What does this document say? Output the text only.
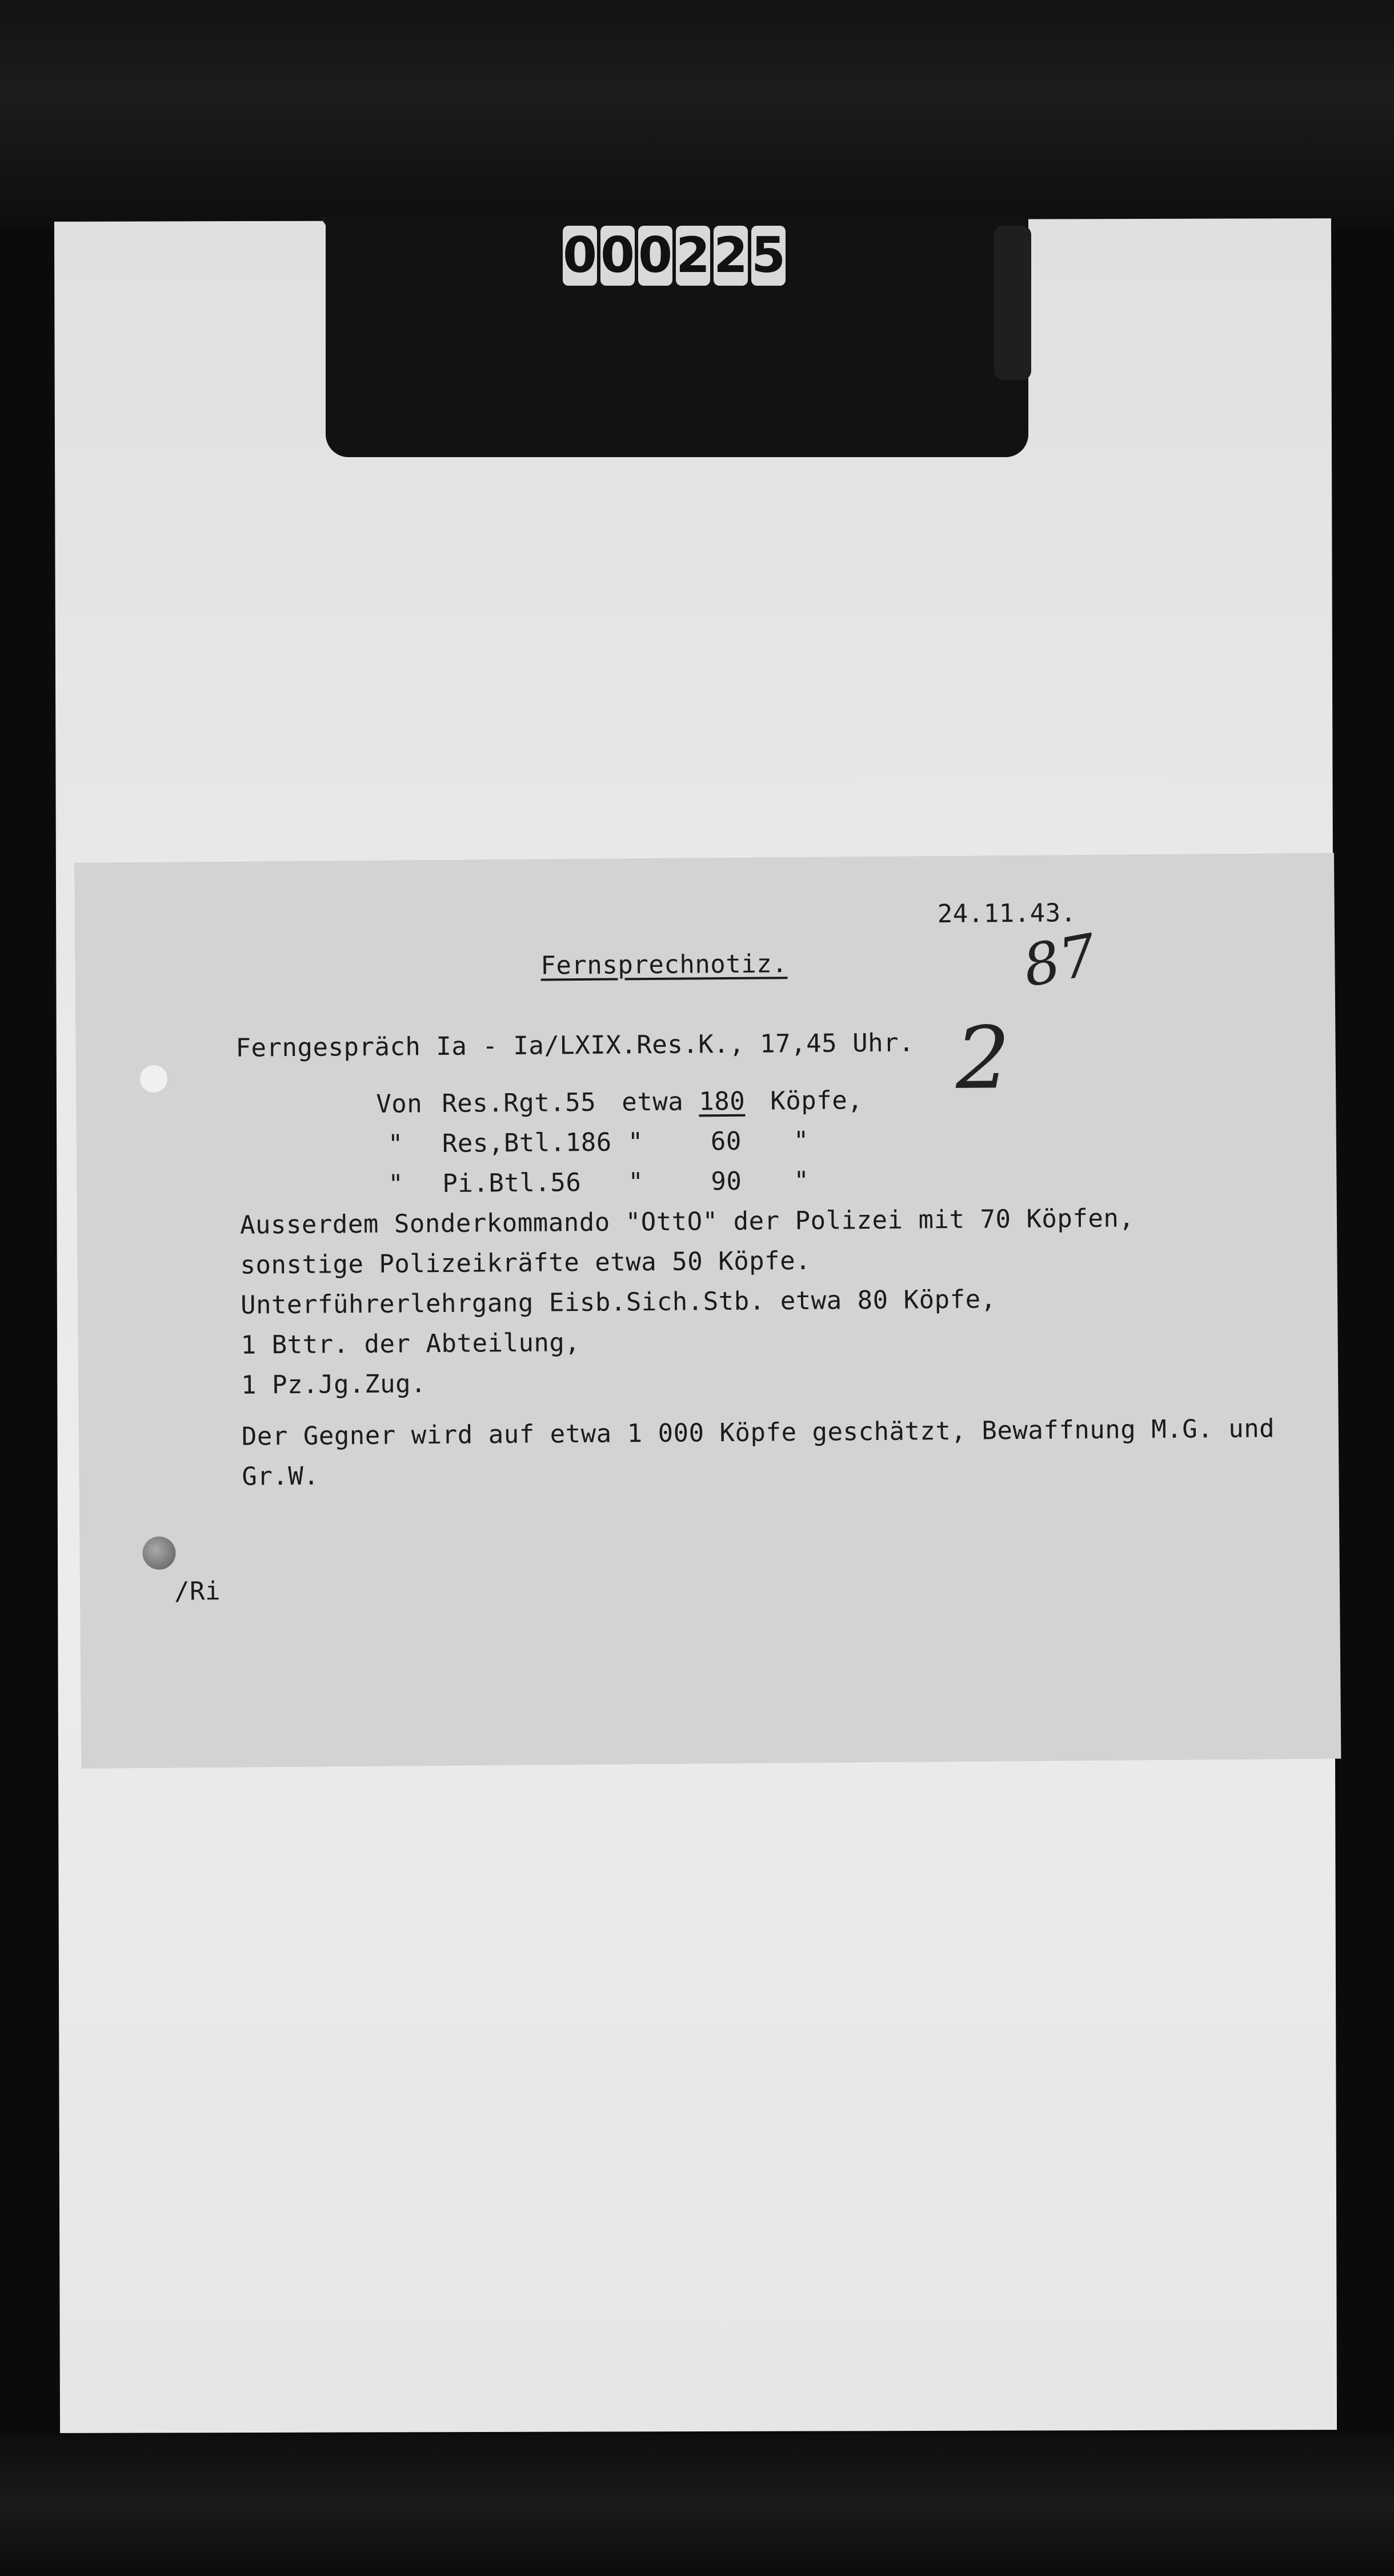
0 0 0 2 2 5
24.11.43.
Fernsprechnotiz.
Ferngespräch Ia - Ia/LXIX.Res.K., 17,45 Uhr. 2
87
Von Res.Rgt.55 etwa 180 Köpfe,
" Res,Btl.186 "	60 "
" Pi.Btl.56 "	90 "
Ausserdem Sonderkommando "OttO" der Polizei mit 70 Köpfen,
sonstige Polizeikräfte etwa 50 Köpfe.
Unterführerlehrgang Eisb.Sich.Stb. etwa 80 Köpfe,
1 Bttr. der Abteilung,
1 Pz.Jg.Zug.
Der Gegner wird auf etwa 1 000 Köpfe geschätzt, Bewaffnung M.G. und
Gr.W.
/Ri
